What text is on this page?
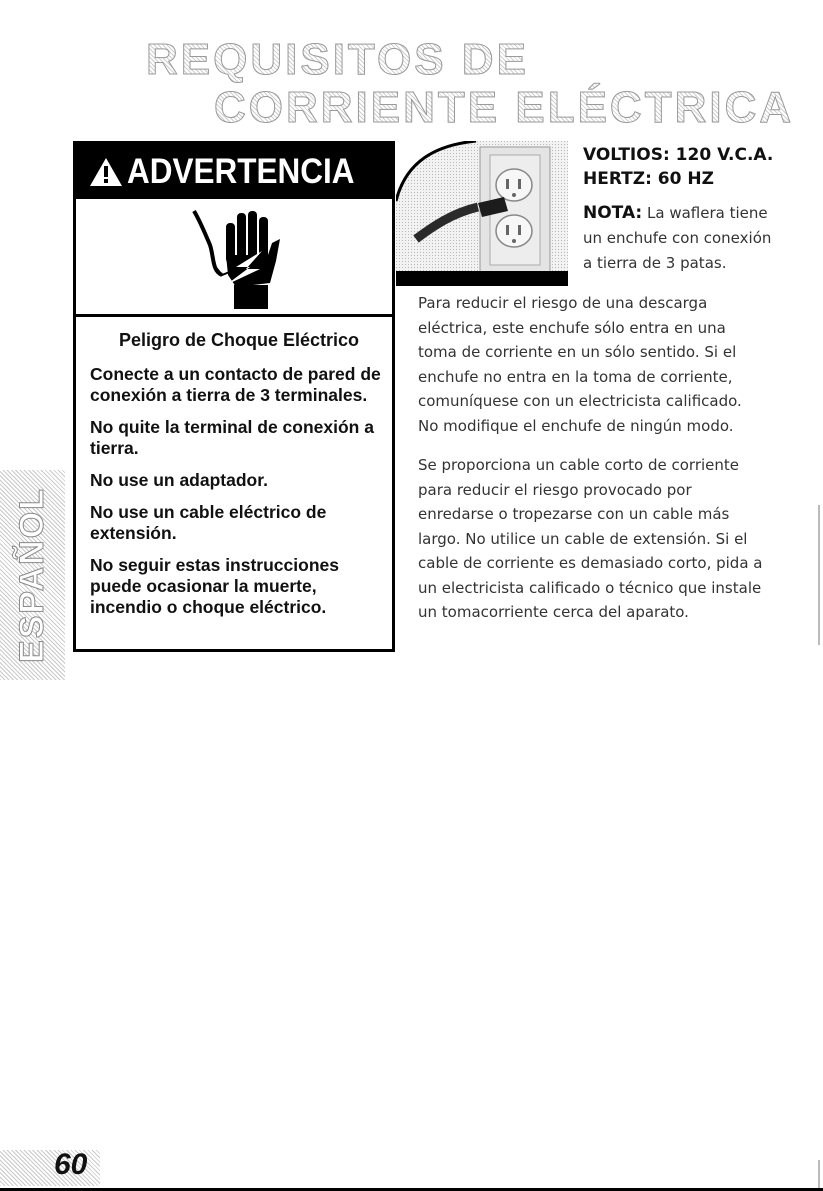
REQUISITOS DE
CORRIENTE ELÉCTRICA
ESPAÑOL
ADVERTENCIA

Peligro de Choque Eléctrico

Conecte a un contacto de pared de conexión a tierra de 3 terminales.

No quite la terminal de conexión a tierra.

No use un adaptador.

No use un cable eléctrico de extensión.

No seguir estas instrucciones puede ocasionar la muerte, incendio o choque eléctrico.

VOLTIOS: 120 V.C.A.
HERTZ: 60 HZ
NOTA: La waflera tiene un enchufe con conexión a tierra de 3 patas.

Para reducir el riesgo de una descarga eléctrica, este enchufe sólo entra en una toma de corriente en un sólo sentido. Si el enchufe no entra en la toma de corriente, comuníquese con un electricista calificado. No modifique el enchufe de ningún modo.

Se proporciona un cable corto de corriente para reducir el riesgo provocado por enredarse o tropezarse con un cable más largo. No utilice un cable de extensión. Si el cable de corriente es demasiado corto, pida a un electricista calificado o técnico que instale un tomacorriente cerca del aparato.

60
